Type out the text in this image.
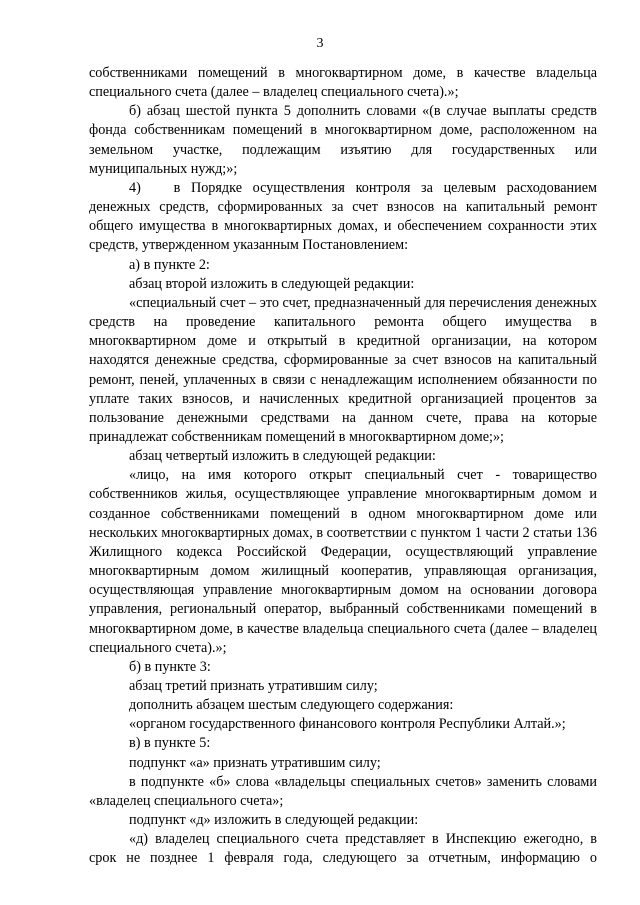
3

собственниками помещений в многоквартирном доме, в качестве владельца специального счета (далее – владелец специального счета).»;

б) абзац шестой пункта 5 дополнить словами «(в случае выплаты средств фонда собственникам помещений в многоквартирном доме, расположенном на земельном участке, подлежащим изъятию для государственных или муниципальных нужд;»;

4) в Порядке осуществления контроля за целевым расходованием денежных средств, сформированных за счет взносов на капитальный ремонт общего имущества в многоквартирных домах, и обеспечением сохранности этих средств, утвержденном указанным Постановлением:

а) в пункте 2:

абзац второй изложить в следующей редакции:

«специальный счет – это счет, предназначенный для перечисления денежных средств на проведение капитального ремонта общего имущества в многоквартирном доме и открытый в кредитной организации, на котором находятся денежные средства, сформированные за счет взносов на капитальный ремонт, пеней, уплаченных в связи с ненадлежащим исполнением обязанности по уплате таких взносов, и начисленных кредитной организацией процентов за пользование денежными средствами на данном счете, права на которые принадлежат собственникам помещений в многоквартирном доме;»;

абзац четвертый изложить в следующей редакции:

«лицо, на имя которого открыт специальный счет - товарищество собственников жилья, осуществляющее управление многоквартирным домом и созданное собственниками помещений в одном многоквартирном доме или нескольких многоквартирных домах, в соответствии с пунктом 1 части 2 статьи 136 Жилищного кодекса Российской Федерации, осуществляющий управление многоквартирным домом жилищный кооператив, управляющая организация, осуществляющая управление многоквартирным домом на основании договора управления, региональный оператор, выбранный собственниками помещений в многоквартирном доме, в качестве владельца специального счета (далее – владелец специального счета).»;

б) в пункте 3:

абзац третий признать утратившим силу;

дополнить абзацем шестым следующего содержания:

«органом государственного финансового контроля Республики Алтай.»;

в) в пункте 5:

подпункт «а» признать утратившим силу;

в подпункте «б» слова «владельцы специальных счетов» заменить словами «владелец специального счета»;

подпункт «д» изложить в следующей редакции:

«д) владелец специального счета представляет в Инспекцию ежегодно, в срок не позднее 1 февраля года, следующего за отчетным, информацию о
